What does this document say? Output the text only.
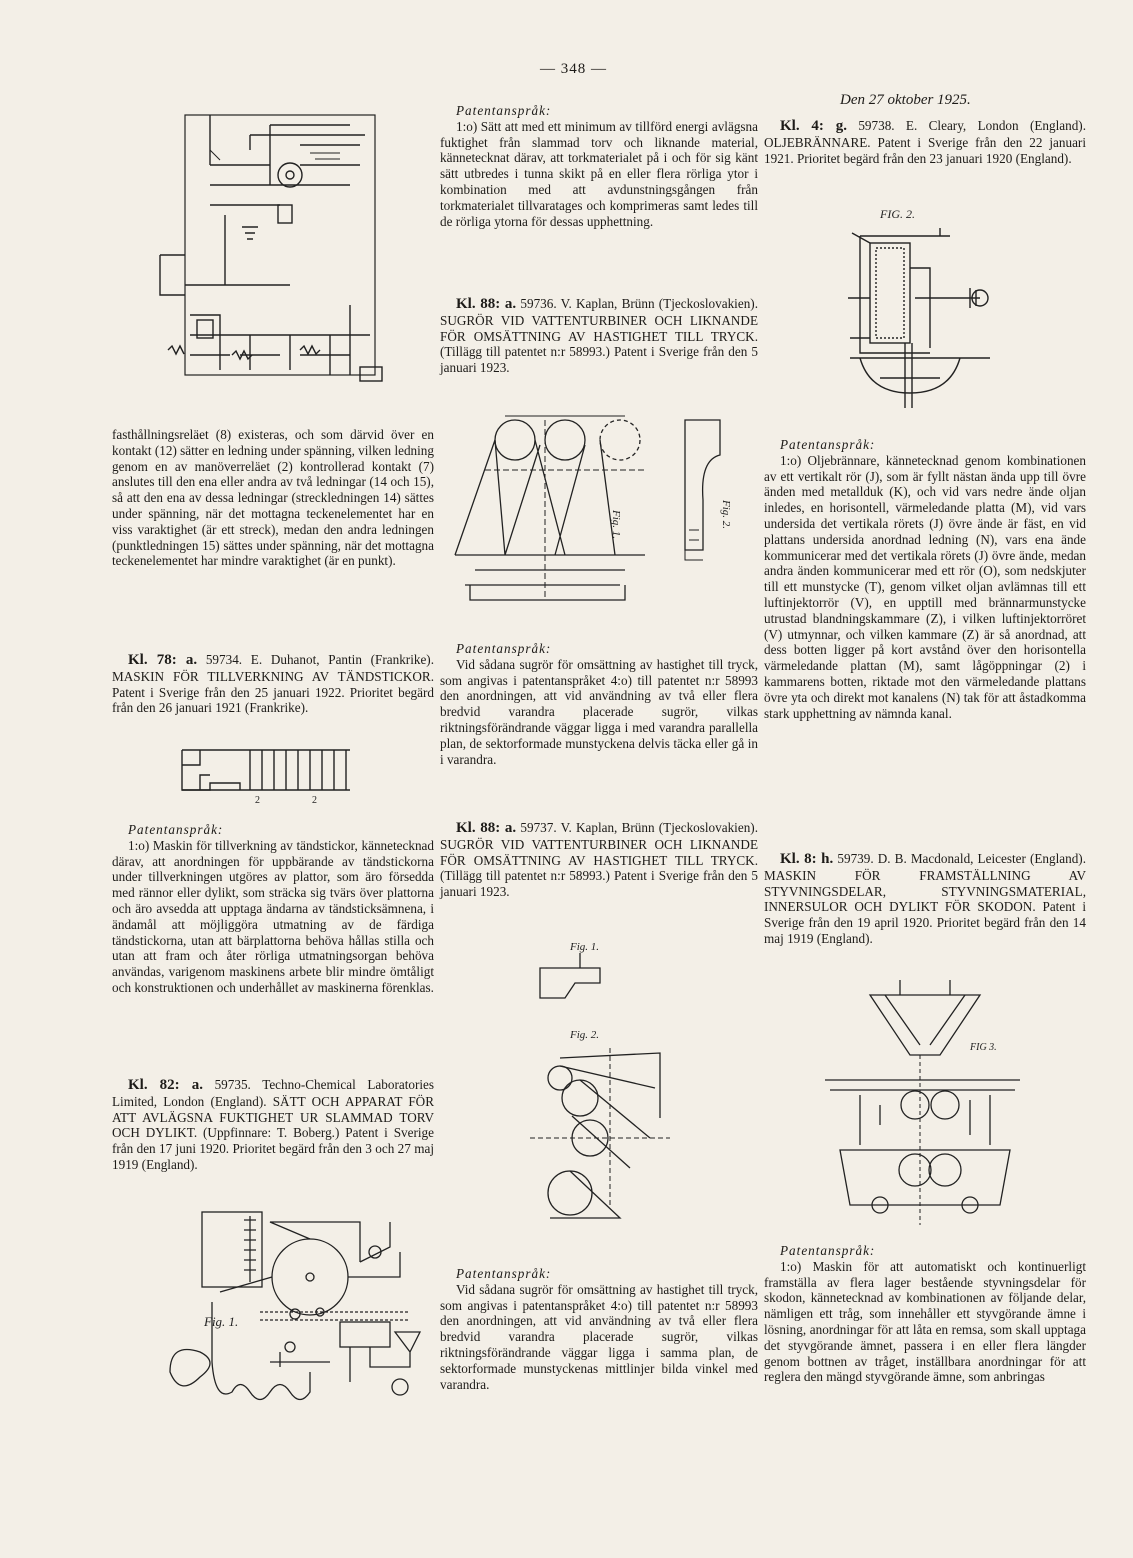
— 348 —
Den 27 oktober 1925.
2	2
Fig. 1.
Fig. 1.	Fig. 2.
Fig. 1.
Fig. 2.
FIG. 2.
FIG 3.
fasthållningsreläet (8) existeras, och som därvid över en kontakt (12) sätter en ledning under spänning, vilken ledning genom en av manöverreläet (2) kontrollerad kontakt (7) anslutes till den ena eller andra av två ledningar (14 och 15), så att den ena av dessa ledningar (streckledningen 14) sättes under spänning, när det mottagna teckenelementet har en viss varaktighet (är ett streck), medan den andra ledningen (punktledningen 15) sättes under spänning, när det mottagna teckenelementet har mindre varaktighet (är en punkt).

Kl. 78: a. 59734. E. Duhanot, Pantin (Frankrike). MASKIN FÖR TILLVERKNING AV TÄNDSTICKOR. Patent i Sverige från den 25 januari 1922. Prioritet begärd från den 26 januari 1921 (Frankrike).

Patentanspråk:

1:o) Maskin för tillverkning av tändstickor, kännetecknad därav, att anordningen för uppbärande av tändstickorna under tillverkningen utgöres av plattor, som äro försedda med rännor eller dylikt, som sträcka sig tvärs över plattorna och äro avsedda att upptaga ändarna av tändsticksämnena, i ändamål att möjliggöra utmatning av de färdiga tändstickorna, utan att bärplattorna behöva hållas stilla och utan att fram och åter rörliga utmatningsorgan behöva användas, varigenom maskinens arbete blir mindre ömtåligt och konstruktionen och underhållet av maskinerna förenklas.

Kl. 82: a. 59735. Techno-Chemical Laboratories Limited, London (England). SÄTT OCH APPARAT FÖR ATT AVLÄGSNA FUKTIGHET UR SLAMMAD TORV OCH DYLIKT. (Uppfinnare: T. Boberg.) Patent i Sverige från den 17 juni 1920. Prioritet begärd från den 3 och 27 maj 1919 (England).

Patentanspråk:

1:o) Sätt att med ett minimum av tillförd energi avlägsna fuktighet från slammad torv och liknande material, kännetecknat därav, att torkmaterialet på i och för sig känt sätt utbredes i tunna skikt på en eller flera rörliga ytor i kombination med att avdunstningsgången från torkmaterialet tillvaratages och komprimeras samt ledes till de rörliga ytorna för dessas upphettning.

Kl. 88: a. 59736. V. Kaplan, Brünn (Tjeckoslovakien). SUGRÖR VID VATTENTURBINER OCH LIKNANDE FÖR OMSÄTTNING AV HASTIGHET TILL TRYCK. (Tillägg till patentet n:r 58993.) Patent i Sverige från den 5 januari 1923.

Patentanspråk:

Vid sådana sugrör för omsättning av hastighet till tryck, som angivas i patentanspråket 4:o) till patentet n:r 58993 den anordningen, att vid användning av två eller flera bredvid varandra placerade sugrör, vilkas riktningsförändrande väggar ligga i med varandra parallella plan, de sektorformade munstyckena delvis täcka eller gå in i varandra.

Kl. 88: a. 59737. V. Kaplan, Brünn (Tjeckoslovakien). SUGRÖR VID VATTENTURBINER OCH LIKNANDE FÖR OMSÄTTNING AV HASTIGHET TILL TRYCK. (Tillägg till patentet n:r 58993.) Patent i Sverige från den 5 januari 1923.

Patentanspråk:

Vid sådana sugrör för omsättning av hastighet till tryck, som angivas i patentanspråket 4:o) till patentet n:r 58993 den anordningen, att vid användning av två eller flera bredvid varandra placerade sugrör, vilkas riktningsförändrande väggar ligga i samma plan, de sektorformade munstyckenas mittlinjer bilda vinkel med varandra.

Kl. 4: g. 59738. E. Cleary, London (England). OLJEBRÄNNARE. Patent i Sverige från den 22 januari 1921. Prioritet begärd från den 23 januari 1920 (England).

Patentanspråk:

1:o) Oljebrännare, kännetecknad genom kombinationen av ett vertikalt rör (J), som är fyllt nästan ända upp till övre änden med metallduk (K), och vid vars nedre ände oljan inledes, en horisontell, värmeledande platta (M), vid vars undersida det vertikala rörets (J) övre ände är fäst, en vid plattans undersida anordnad ledning (N), vars ena ände kommunicerar med det vertikala rörets (J) övre ände, medan andra änden kommunicerar med ett rör (O), som nedskjuter till ett munstycke (T), genom vilket oljan avlämnas till ett luftinjektorrör (V), en upptill med brännarmunstycke utrustad blandningskammare (Z), i vilken luftinjektorröret (V) utmynnar, och vilken kammare (Z) är så anordnad, att dess botten ligger på kort avstånd över den horisontella värmeledande plattan (M), samt lågöppningar (2) i kammarens botten, riktade mot den värmeledande plattans övre yta och direkt mot kanalens (N) tak för att åstadkomma stark upphettning av nämnda kanal.

Kl. 8: h. 59739. D. B. Macdonald, Leicester (England). MASKIN FÖR FRAMSTÄLLNING AV STYVNINGSDELAR, STYVNINGSMATERIAL, INNERSULOR OCH DYLIKT FÖR SKODON. Patent i Sverige från den 19 april 1920. Prioritet begärd från den 14 maj 1919 (England).

Patentanspråk:

1:o) Maskin för att automatiskt och kontinuerligt framställa av flera lager bestående styvningsdelar för skodon, kännetecknad av kombinationen av följande delar, nämligen ett tråg, som innehåller ett styvgörande ämne i lösning, anordningar för att låta en remsa, som skall upptaga det styvgörande ämnet, passera i en eller flera längder genom bottnen av tråget, inställbara anordningar för att reglera den mängd styvgörande ämne, som anbringas
